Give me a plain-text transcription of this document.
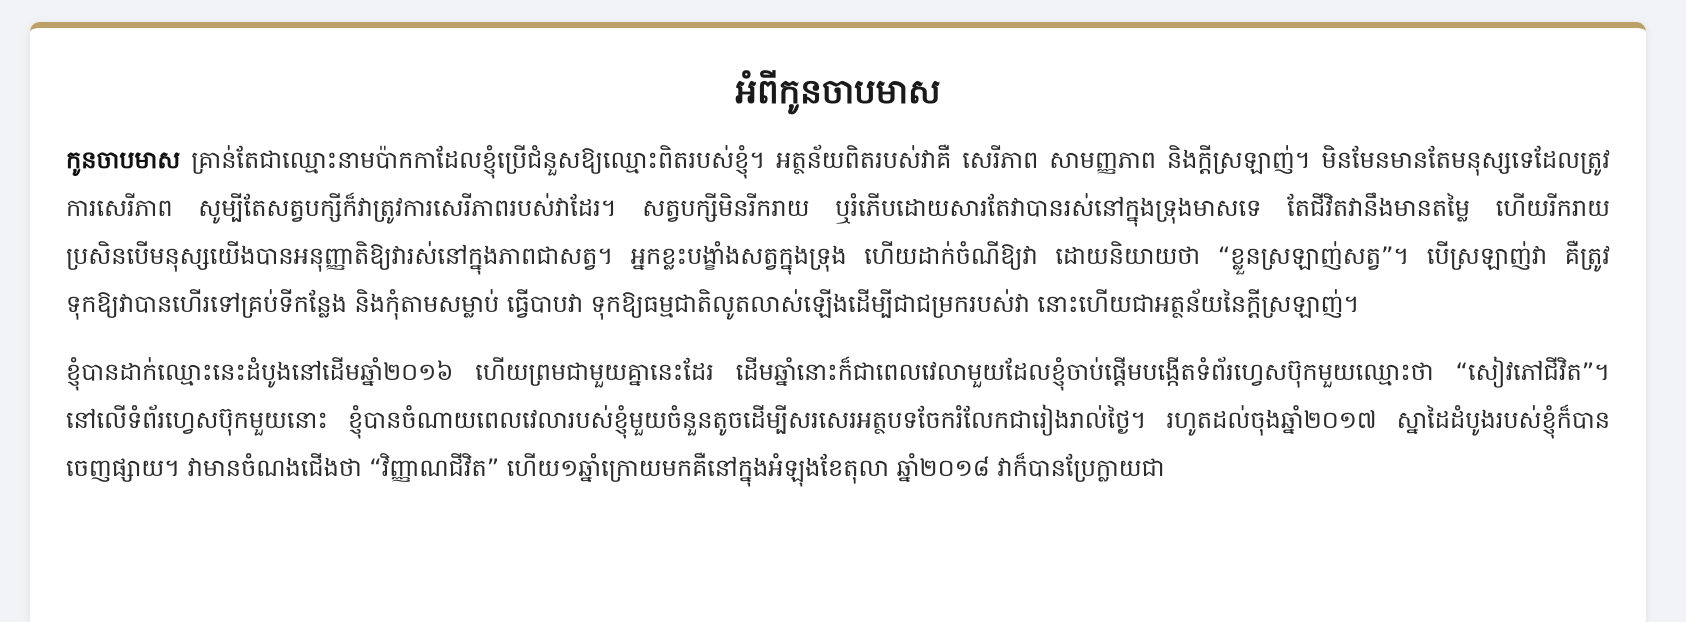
អំពីកូនចាបមាស

កូនចាបមាស គ្រាន់តែជាឈ្មោះនាមប៉ាកកាដែលខ្ញុំប្រើជំនួសឱ្យឈ្មោះពិតរបស់ខ្ញុំ។ អត្ថន័យពិតរបស់វាគឺ សេរីភាព សាមញ្ញភាព និងក្តីស្រឡាញ់។ មិនមែនមានតែមនុស្សទេដែលត្រូវការសេរីភាព សូម្បីតែសត្វបក្សីក៏វាត្រូវការសេរីភាពរបស់វាដែរ។ សត្វបក្សីមិនរីករាយ ឬរំភើបដោយសារតែវាបានរស់នៅក្នុងទ្រុងមាសទេ តែជីវិតវានឹងមានតម្លៃ ហើយរីករាយ ប្រសិនបើមនុស្សយើងបានអនុញ្ញាតិឱ្យវារស់នៅក្នុងភាពជាសត្វ។ អ្នកខ្លះបង្ខាំងសត្វក្នុងទ្រុង ហើយដាក់ចំណីឱ្យវា ដោយនិយាយថា “ខ្លួនស្រឡាញ់សត្វ”។ បើស្រឡាញ់វា គឺត្រូវទុកឱ្យវាបានហើរទៅគ្រប់ទីកន្លែង និងកុំតាមសម្លាប់ ធ្វើបាបវា ទុកឱ្យធម្មជាតិលូតលាស់ឡើងដើម្បីជាជម្រករបស់វា នោះហើយជាអត្ថន័យនៃក្តីស្រឡាញ់។

ខ្ញុំបានដាក់ឈ្មោះនេះដំបូងនៅដើមឆ្នាំ២០១៦ ហើយព្រមជាមួយគ្នានេះដែរ ដើមឆ្នាំនោះក៏ជាពេលវេលាមួយដែលខ្ញុំចាប់ផ្តើមបង្កើតទំព័រហ្វេសប៊ុកមួយឈ្មោះថា “សៀវភៅជីវិត”។ នៅលើទំព័រហ្វេសប៊ុកមួយនោះ ខ្ញុំបានចំណាយពេលវេលារបស់ខ្ញុំមួយចំនួនតូចដើម្បីសរសេរអត្ថបទចែករំលែកជារៀងរាល់ថ្ងៃ។ រហូតដល់ចុងឆ្នាំ២០១៧ ស្នាដៃដំបូងរបស់ខ្ញុំក៏បានចេញផ្សាយ។ វាមានចំណងជើងថា “វិញ្ញាណជីវិត” ហើយ១ឆ្នាំក្រោយមកគឺនៅក្នុងអំឡុងខែតុលា ឆ្នាំ២០១៨ វាក៏បានប្រែក្លាយជា
